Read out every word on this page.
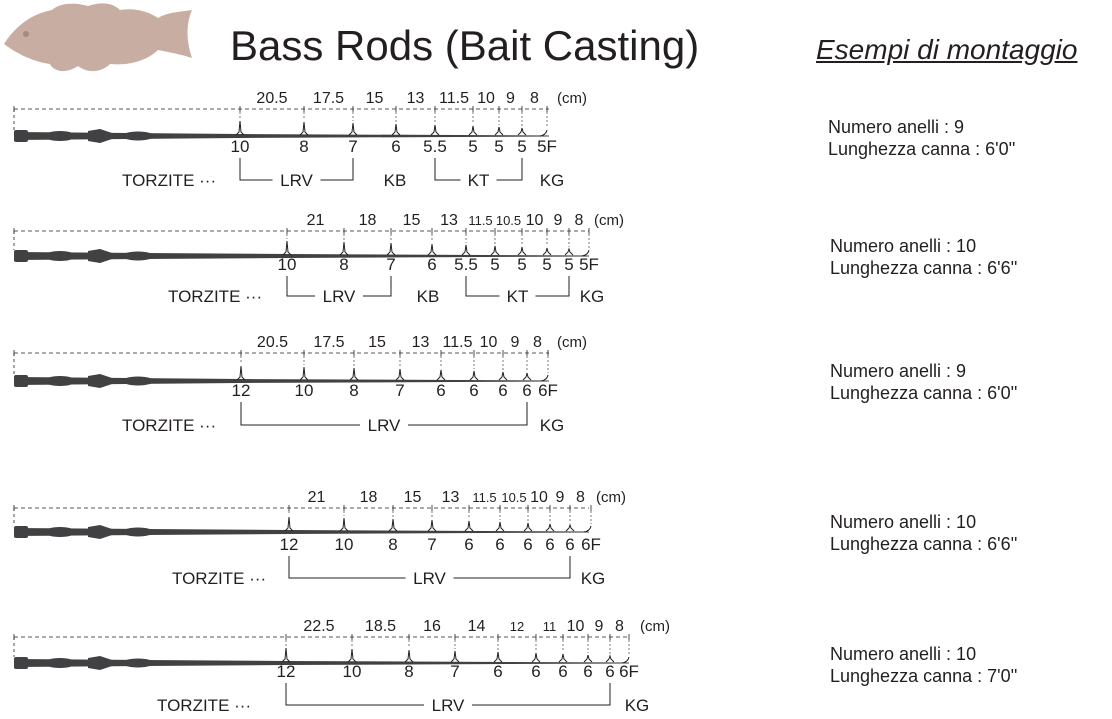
Bass Rods (Bait Casting)	Esempi di montaggio
20.5 17.5 15 13 11.5 10 9 8 (cm)
10	8 7 6 5.5 5 5 5 5F
TORZITE ···	LRV	KB	KT	KG
21 18 15 13 11.5 10.5 10 9 8 (cm)
10	8 7 6 5.5 5 5 5 5 5F
TORZITE ···	LRV	KB	KT	KG
20.5 17.5 15 13 11.5 10 9 8 (cm)
12	10 8 7 6 6 6 6 6F
TORZITE ···	LRV	KG
21 18 15 13 11.5 10.5 10 9 8 (cm)
12 10 8 7 6 6 6 6 6 6F
TORZITE ···	LRV	KG
22.5 18.5 16 14 12 11 10 9 8 (cm)
12	10	8 7 6 6 6 6 6 6F
TORZITE ···	LRV	KG
Numero anelli : 9
Lunghezza canna : 6'0''
Numero anelli : 10
Lunghezza canna : 6'6''
Numero anelli : 9
Lunghezza canna : 6'0''
Numero anelli : 10
Lunghezza canna : 6'6''
Numero anelli : 10
Lunghezza canna : 7'0''
